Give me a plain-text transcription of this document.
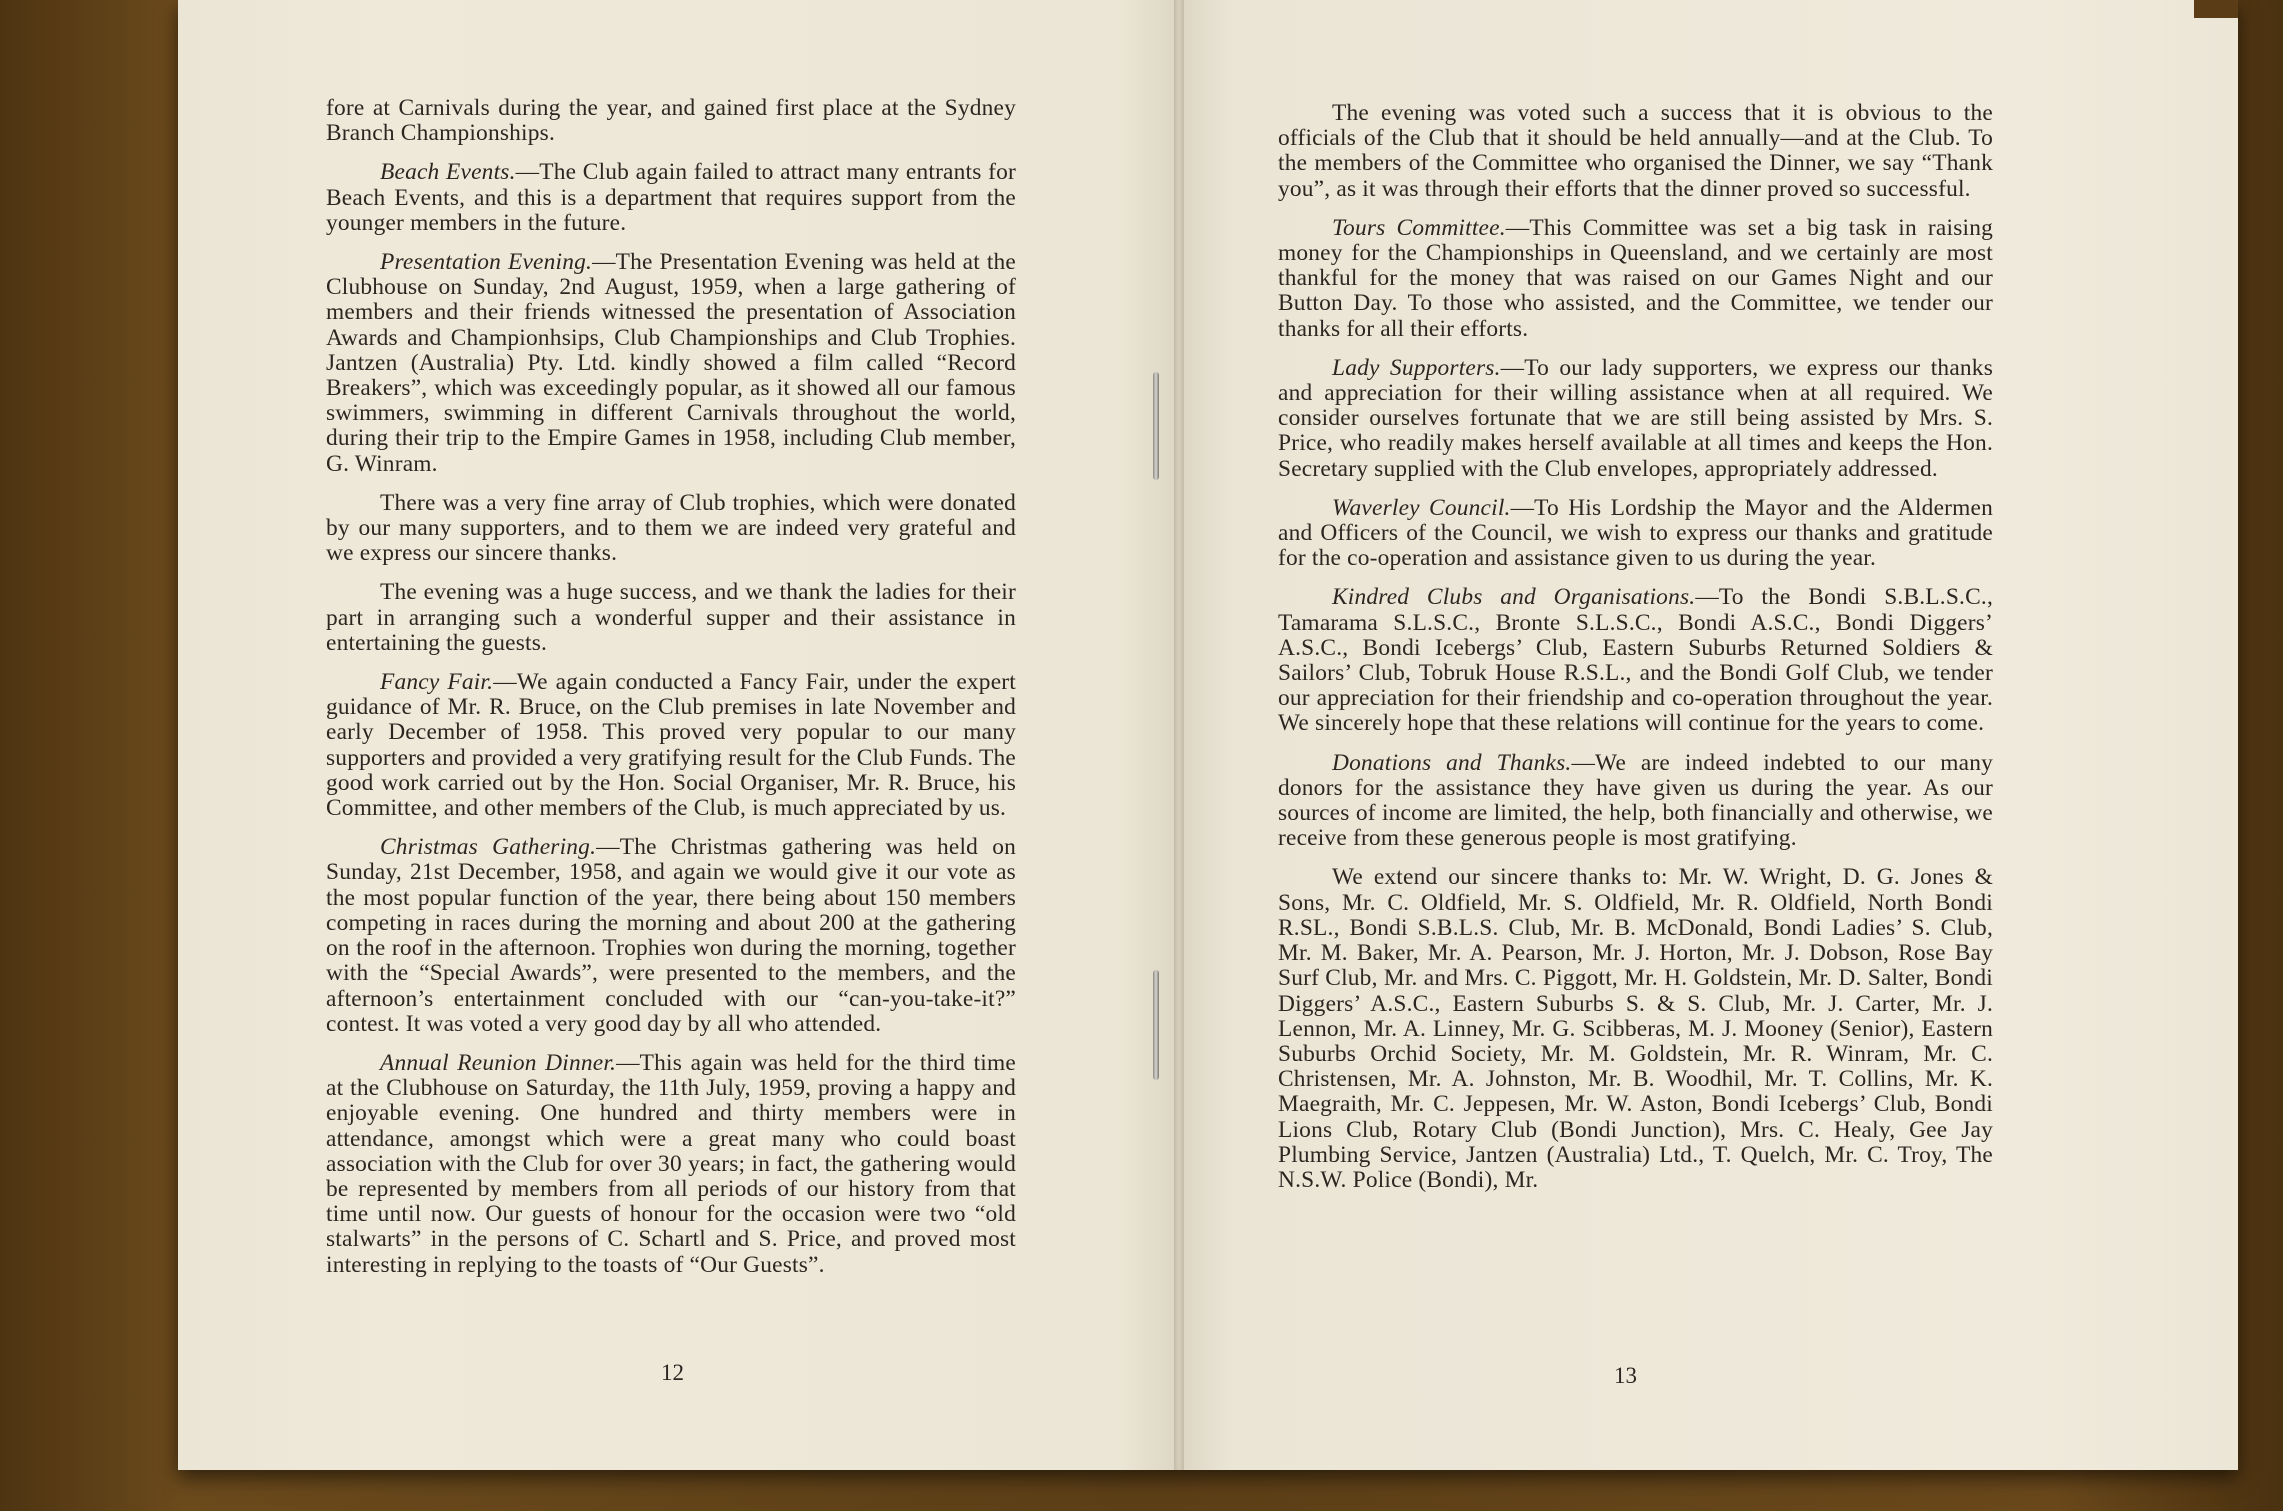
fore at Carnivals during the year, and gained first place at the Sydney Branch Championships.

Beach Events.—The Club again failed to attract many entrants for Beach Events, and this is a department that requires support from the younger members in the future.

Presentation Evening.—The Presentation Evening was held at the Clubhouse on Sunday, 2nd August, 1959, when a large gathering of members and their friends witnessed the presentation of Association Awards and Championhsips, Club Championships and Club Trophies. Jantzen (Australia) Pty. Ltd. kindly showed a film called “Record Breakers”, which was exceedingly popular, as it showed all our famous swimmers, swimming in different Carnivals throughout the world, during their trip to the Empire Games in 1958, including Club member, G. Winram.

There was a very fine array of Club trophies, which were donated by our many supporters, and to them we are indeed very grateful and we express our sincere thanks.

The evening was a huge success, and we thank the ladies for their part in arranging such a wonderful supper and their assistance in entertaining the guests.

Fancy Fair.—We again conducted a Fancy Fair, under the expert guidance of Mr. R. Bruce, on the Club premises in late November and early December of 1958. This proved very popular to our many supporters and provided a very gratifying result for the Club Funds. The good work carried out by the Hon. Social Organiser, Mr. R. Bruce, his Committee, and other members of the Club, is much appreciated by us.

Christmas Gathering.—The Christmas gathering was held on Sunday, 21st December, 1958, and again we would give it our vote as the most popular function of the year, there being about 150 members competing in races during the morning and about 200 at the gathering on the roof in the afternoon. Trophies won during the morning, together with the “Special Awards”, were presented to the members, and the afternoon’s entertainment concluded with our “can-you-take-it?” contest. It was voted a very good day by all who attended.

Annual Reunion Dinner.—This again was held for the third time at the Clubhouse on Saturday, the 11th July, 1959, proving a happy and enjoyable evening. One hundred and thirty members were in attendance, amongst which were a great many who could boast association with the Club for over 30 years; in fact, the gathering would be represented by members from all periods of our history from that time until now. Our guests of honour for the occasion were two “old stalwarts” in the persons of C. Schartl and S. Price, and proved most interesting in replying to the toasts of “Our Guests”.

12

The evening was voted such a success that it is obvious to the officials of the Club that it should be held annually—and at the Club. To the members of the Committee who organised the Dinner, we say “Thank you”, as it was through their efforts that the dinner proved so successful.

Tours Committee.—This Committee was set a big task in raising money for the Championships in Queensland, and we certainly are most thankful for the money that was raised on our Games Night and our Button Day. To those who assisted, and the Committee, we tender our thanks for all their efforts.

Lady Supporters.—To our lady supporters, we express our thanks and appreciation for their willing assistance when at all required. We consider ourselves fortunate that we are still being assisted by Mrs. S. Price, who readily makes herself available at all times and keeps the Hon. Secretary supplied with the Club envelopes, appropriately addressed.

Waverley Council.—To His Lordship the Mayor and the Aldermen and Officers of the Council, we wish to express our thanks and gratitude for the co-operation and assistance given to us during the year.

Kindred Clubs and Organisations.—To the Bondi S.B.L.S.C., Tamarama S.L.S.C., Bronte S.L.S.C., Bondi A.S.C., Bondi Diggers’ A.S.C., Bondi Icebergs’ Club, Eastern Suburbs Returned Soldiers & Sailors’ Club, Tobruk House R.S.L., and the Bondi Golf Club, we tender our appreciation for their friendship and co-operation throughout the year. We sincerely hope that these relations will continue for the years to come.

Donations and Thanks.—We are indeed indebted to our many donors for the assistance they have given us during the year. As our sources of income are limited, the help, both financially and otherwise, we receive from these generous people is most gratifying.

We extend our sincere thanks to: Mr. W. Wright, D. G. Jones & Sons, Mr. C. Oldfield, Mr. S. Oldfield, Mr. R. Oldfield, North Bondi R.SL., Bondi S.B.L.S. Club, Mr. B. McDonald, Bondi Ladies’ S. Club, Mr. M. Baker, Mr. A. Pearson, Mr. J. Horton, Mr. J. Dobson, Rose Bay Surf Club, Mr. and Mrs. C. Piggott, Mr. H. Goldstein, Mr. D. Salter, Bondi Diggers’ A.S.C., Eastern Suburbs S. & S. Club, Mr. J. Carter, Mr. J. Lennon, Mr. A. Linney, Mr. G. Scibberas, M. J. Mooney (Senior), Eastern Suburbs Orchid Society, Mr. M. Goldstein, Mr. R. Winram, Mr. C. Christensen, Mr. A. Johnston, Mr. B. Woodhil, Mr. T. Collins, Mr. K. Maegraith, Mr. C. Jeppesen, Mr. W. Aston, Bondi Icebergs’ Club, Bondi Lions Club, Rotary Club (Bondi Junction), Mrs. C. Healy, Gee Jay Plumbing Service, Jantzen (Australia) Ltd., T. Quelch, Mr. C. Troy, The N.S.W. Police (Bondi), Mr.

13
